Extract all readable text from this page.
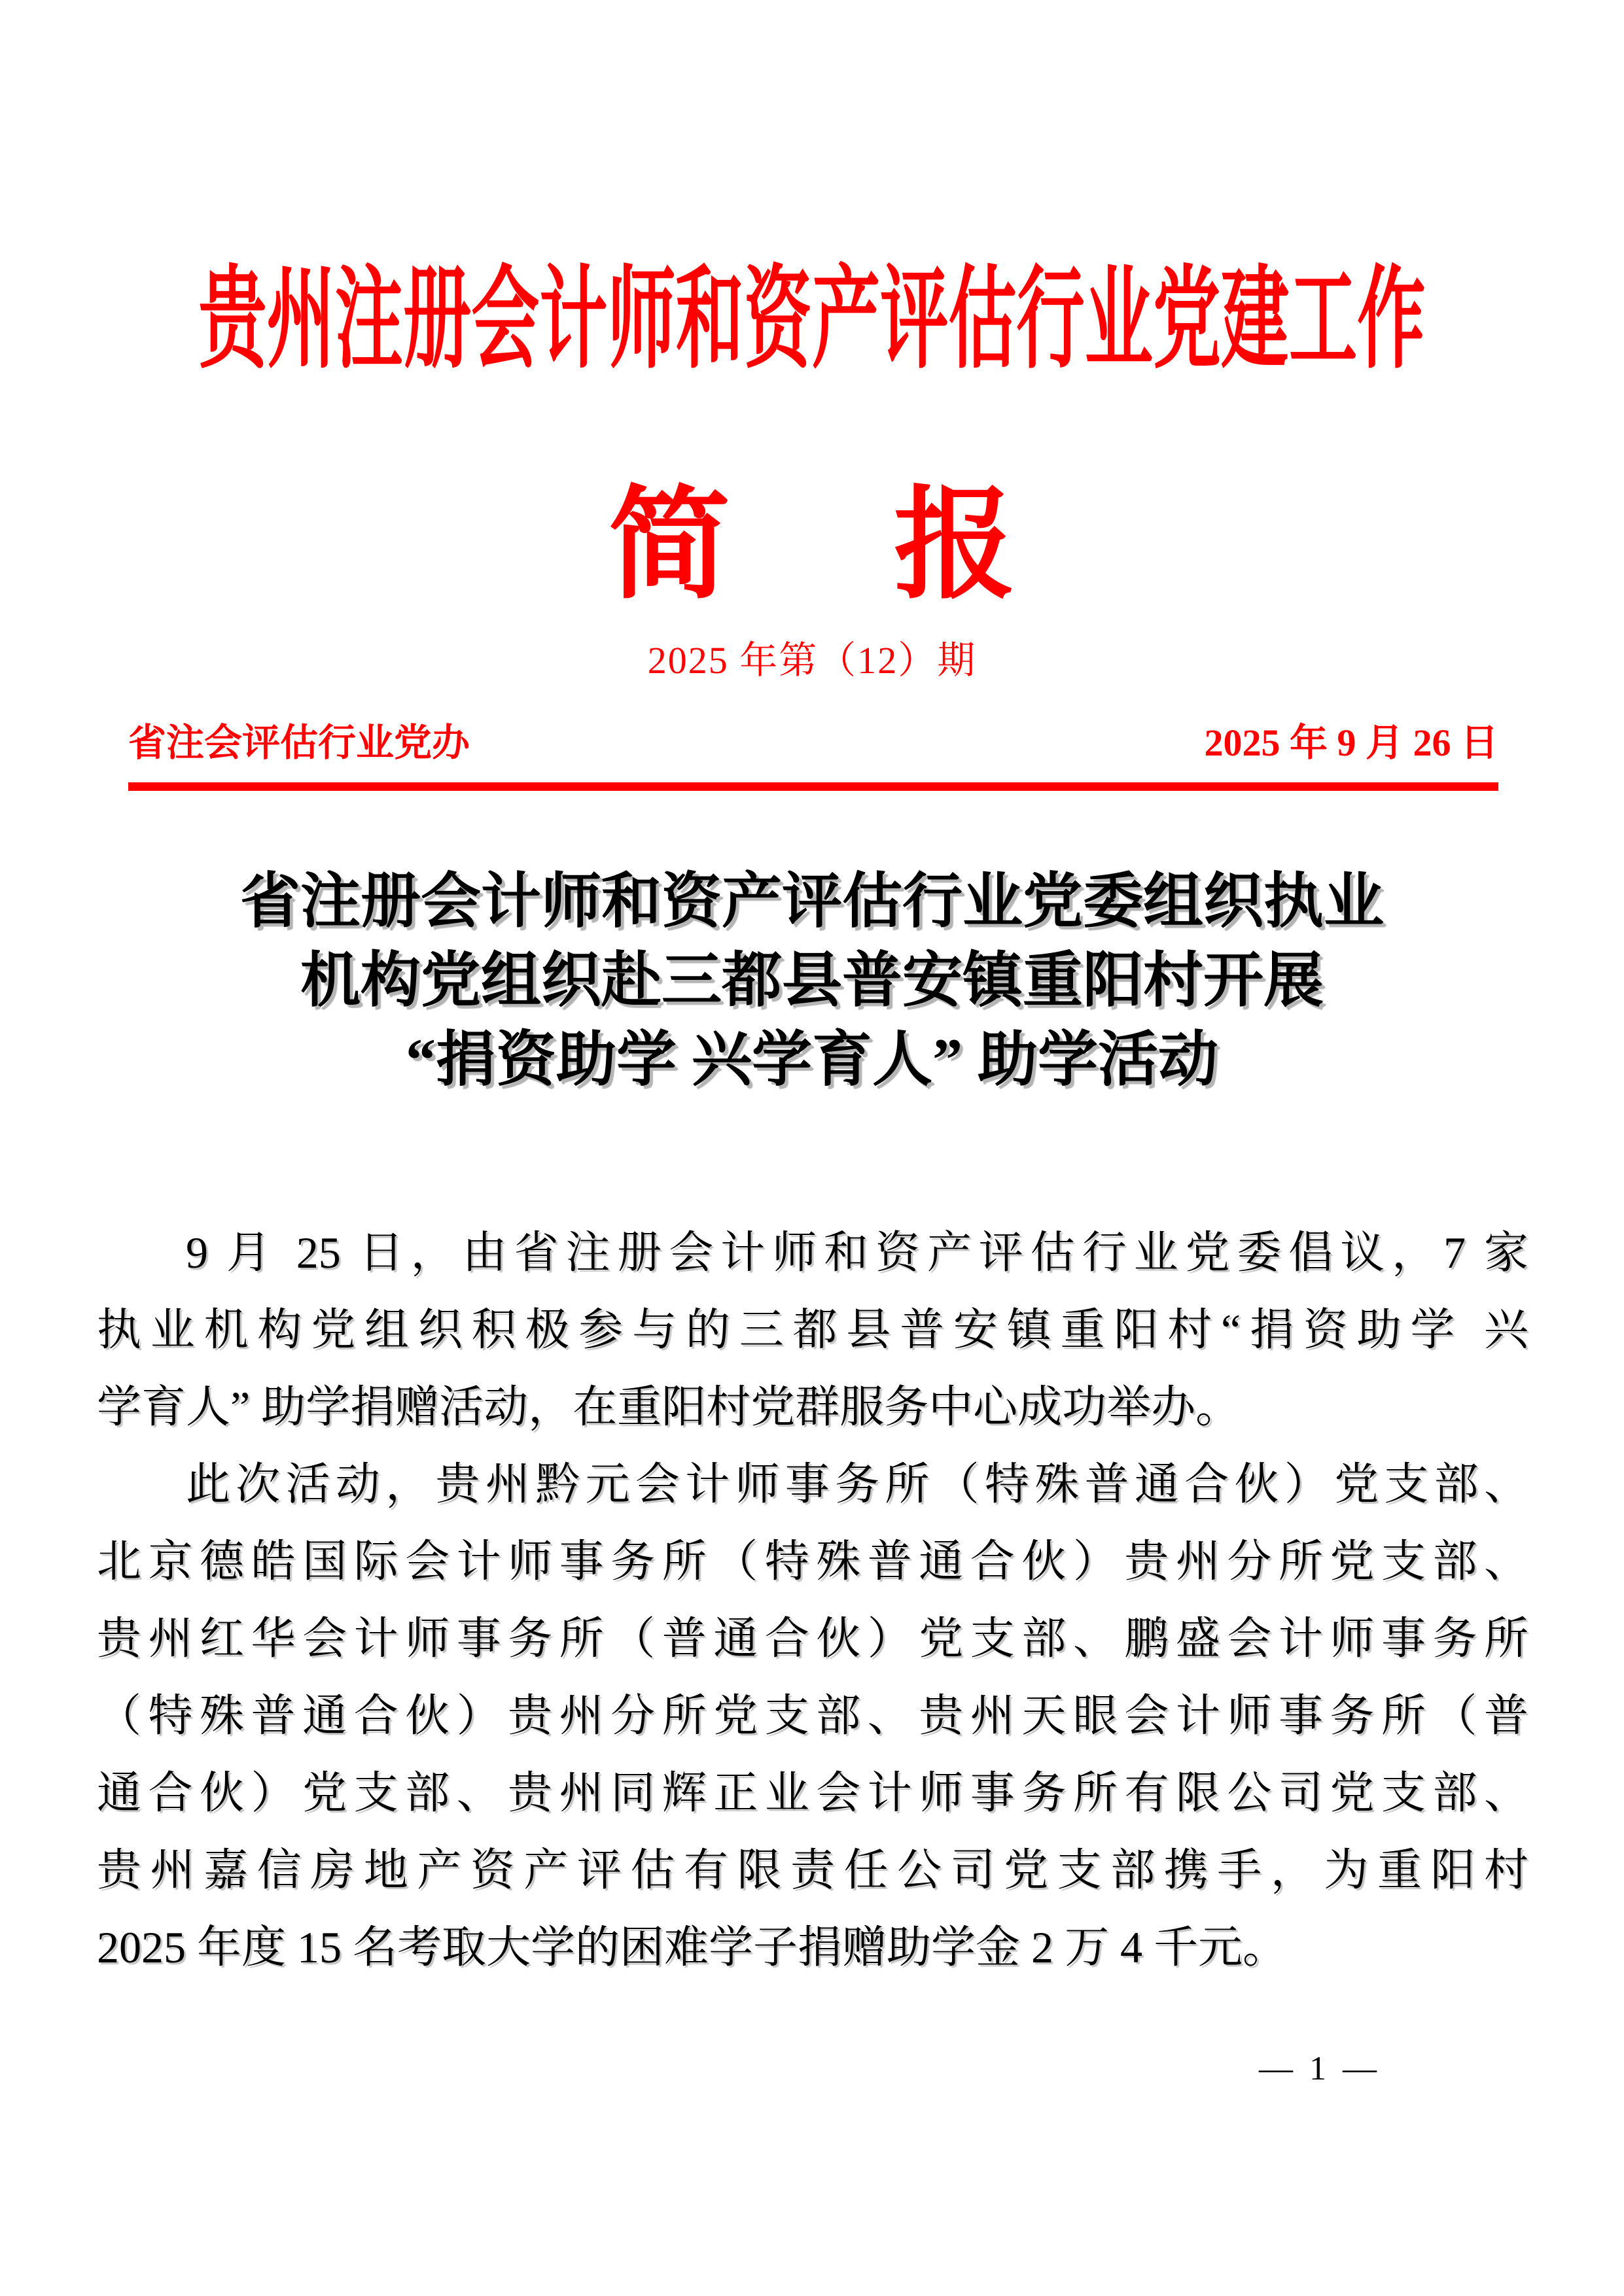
贵州注册会计师和资产评估行业党建工作
简 报
2025 年第（12）期
省注会评估行业党办	2025 年 9 月 26 日
省注册会计师和资产评估行业党委组织执业
机构党组织赴三都县普安镇重阳村开展
“捐资助学 兴学育人” 助学活动
9 月 25 日，由省注册会计师和资产评估行业党委倡议，7 家
执业机构党组织积极参与的三都县普安镇重阳村“捐资助学 兴
学育人” 助学捐赠活动，在重阳村党群服务中心成功举办。
此次活动，贵州黔元会计师事务所（特殊普通合伙）党支部、
北京德皓国际会计师事务所（特殊普通合伙）贵州分所党支部、
贵州红华会计师事务所（普通合伙）党支部、鹏盛会计师事务所
（特殊普通合伙）贵州分所党支部、贵州天眼会计师事务所（普
通合伙）党支部、贵州同辉正业会计师事务所有限公司党支部、
贵州嘉信房地产资产评估有限责任公司党支部携手，为重阳村
2025 年度 15 名考取大学的困难学子捐赠助学金 2 万 4 千元。
— 1 —
